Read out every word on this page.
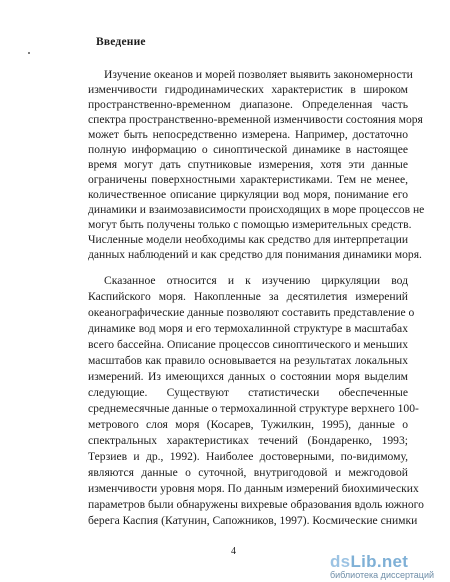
Введение
Изучение океанов и морей позволяет выявить закономерности
изменчивости гидродинамических характеристик в широком
пространственно-временном диапазоне. Определенная часть
спектра пространственно-временной изменчивости состояния моря
может быть непосредственно измерена. Например, достаточно
полную информацию о синоптической динамике в настоящее
время могут дать спутниковые измерения, хотя эти данные
ограничены поверхностными характеристиками. Тем не менее,
количественное описание циркуляции вод моря, понимание его
динамики и взаимозависимости происходящих в море процессов не
могут быть получены только с помощью измерительных средств.
Численные модели необходимы как средство для интерпретации
данных наблюдений и как средство для понимания динамики моря.
Сказанное относится и к изучению циркуляции вод
Каспийского моря. Накопленные за десятилетия измерений
океанографические данные позволяют составить представление о
динамике вод моря и его термохалинной структуре в масштабах
всего бассейна. Описание процессов синоптического и меньших
масштабов как правило основывается на результатах локальных
измерений. Из имеющихся данных о состоянии моря выделим
следующие. Существуют статистически обеспеченные
среднемесячные данные о термохалинной структуре верхнего 100-
метрового слоя моря (Косарев, Тужилкин, 1995), данные о
спектральных характеристиках течений (Бондаренко, 1993;
Терзиев и др., 1992). Наиболее достоверными, по-видимому,
являются данные о суточной, внутригодовой и межгодовой
изменчивости уровня моря. По данным измерений биохимических
параметров были обнаружены вихревые образования вдоль южного
берега Каспия (Катунин, Сапожников, 1997). Космические снимки
4
dsLib.net
библиотека диссертаций
